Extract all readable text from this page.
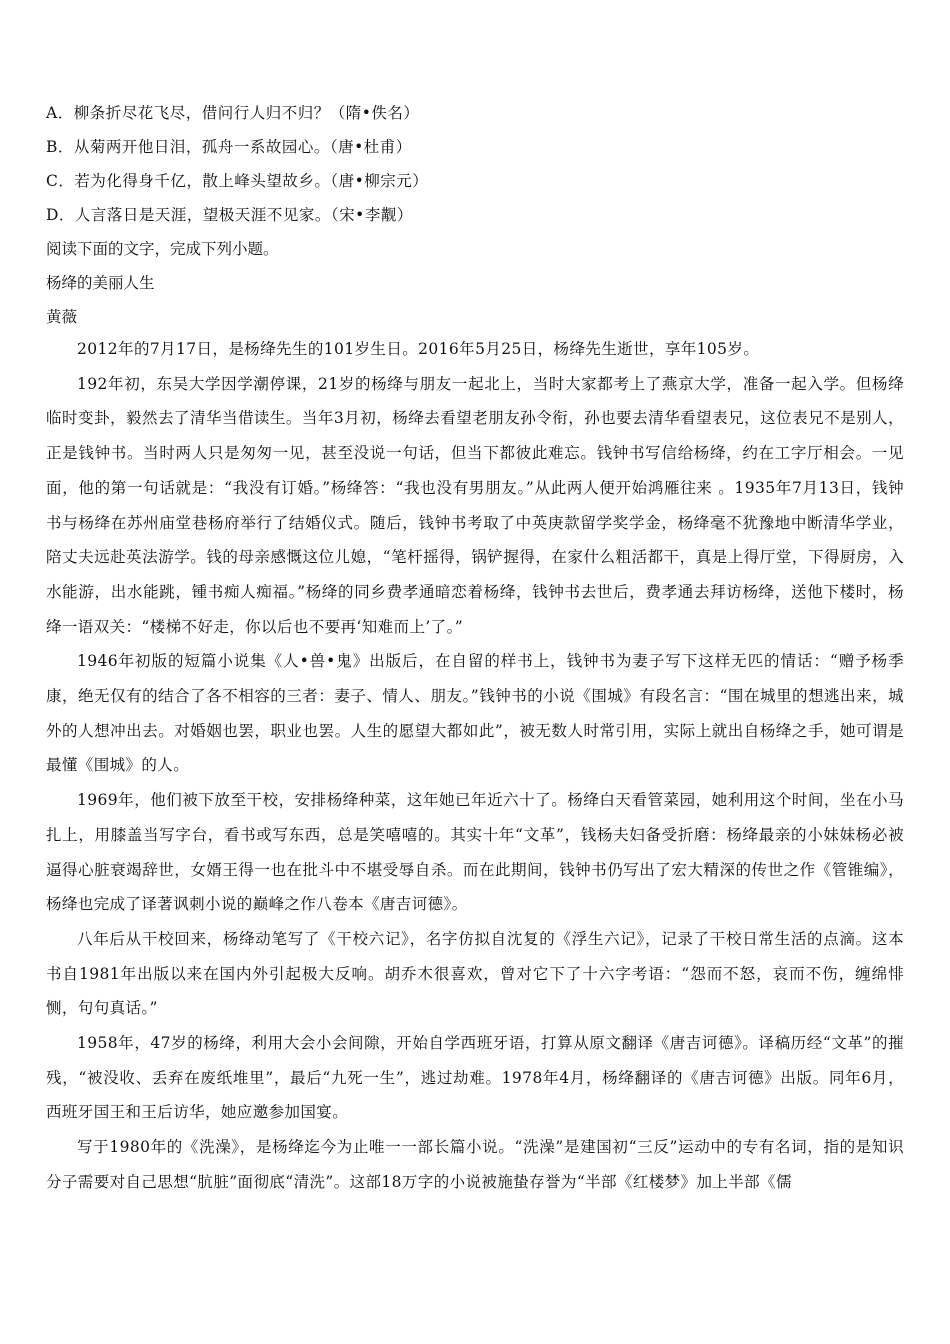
A．柳条折尽花飞尽，借问行人归不归？（隋•佚名）
B．从菊两开他日泪，孤舟一系故园心。（唐•杜甫）
C．若为化得身千亿，散上峰头望故乡。（唐•柳宗元）
D．人言落日是天涯，望极天涯不见家。（宋•李觏）
阅读下面的文字，完成下列小题。
杨绛的美丽人生
黄薇

2012年的7月17日，是杨绛先生的101岁生日。2016年5月25日，杨绛先生逝世，享年105岁。

192年初，东吴大学因学潮停课，21岁的杨绛与朋友一起北上，当时大家都考上了燕京大学，准备一起入学。但杨绛临时变卦，毅然去了清华当借读生。当年3月初，杨绛去看望老朋友孙令衔，孙也要去清华看望表兄，这位表兄不是别人，正是钱钟书。当时两人只是匆匆一见，甚至没说一句话，但当下都彼此难忘。钱钟书写信给杨绛，约在工字厅相会。一见面，他的第一句话就是：“我没有订婚。”杨绛答：“我也没有男朋友。”从此两人便开始鸿雁往来 。1935年7月13日，钱钟书与杨绛在苏州庙堂巷杨府举行了结婚仪式。随后，钱钟书考取了中英庚款留学奖学金，杨绛毫不犹豫地中断清华学业，陪丈夫远赴英法游学。钱的母亲感慨这位儿媳，“笔杆摇得，锅铲握得，在家什么粗活都干，真是上得厅堂，下得厨房，入水能游，出水能跳，锺书痴人痴福。”杨绛的同乡费孝通暗恋着杨绛，钱钟书去世后，费孝通去拜访杨绛，送他下楼时，杨绛一语双关：“楼梯不好走，你以后也不要再‘知难而上’了。”

1946年初版的短篇小说集《人•兽•鬼》出版后，在自留的样书上，钱钟书为妻子写下这样无匹的情话：“赠予杨季康，绝无仅有的结合了各不相容的三者：妻子、情人、朋友。”钱钟书的小说《围城》有段名言：“围在城里的想逃出来，城外的人想冲出去。对婚姻也罢，职业也罢。人生的愿望大都如此”，被无数人时常引用，实际上就出自杨绛之手，她可谓是最懂《围城》的人。

1969年，他们被下放至干校，安排杨绛种菜，这年她已年近六十了。杨绛白天看管菜园，她利用这个时间，坐在小马扎上，用膝盖当写字台，看书或写东西，总是笑嘻嘻的。其实十年“文革”，钱杨夫妇备受折磨：杨绛最亲的小妹妹杨必被逼得心脏衰竭辞世，女婿王得一也在批斗中不堪受辱自杀。而在此期间，钱钟书仍写出了宏大精深的传世之作《管锥编》，杨绛也完成了译著讽刺小说的巅峰之作八卷本《唐吉诃德》。

八年后从干校回来，杨绛动笔写了《干校六记》，名字仿拟自沈复的《浮生六记》，记录了干校日常生活的点滴。这本书自1981年出版以来在国内外引起极大反响。胡乔木很喜欢，曾对它下了十六字考语：“怨而不怒，哀而不伤，缠绵悱恻，句句真话。”

1958年，47岁的杨绛，利用大会小会间隙，开始自学西班牙语，打算从原文翻译《唐吉诃德》。译稿历经“文革”的摧残，“被没收、丢弃在废纸堆里”，最后“九死一生”，逃过劫难。1978年4月，杨绛翻译的《唐吉诃德》出版。同年6月，西班牙国王和王后访华，她应邀参加国宴。

写于1980年的《洗澡》，是杨绛迄今为止唯一一部长篇小说。“洗澡”是建国初“三反”运动中的专有名词，指的是知识分子需要对自己思想“肮脏”面彻底“清洗”。这部18万字的小说被施蛰存誉为“半部《红楼梦》加上半部《儒
